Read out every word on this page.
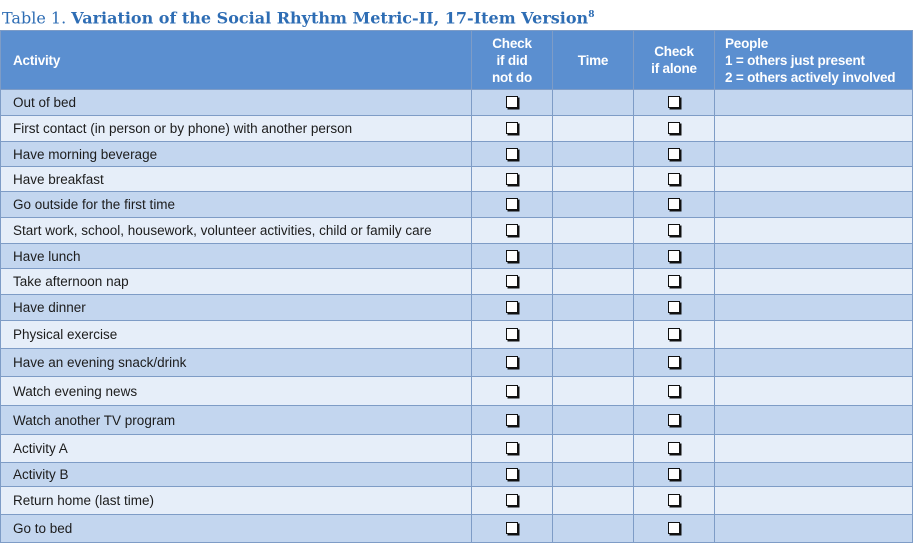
Table 1. Variation of the Social Rhythm Metric-II, 17-Item Version$^8$
Activity	Check
if did
not do	Time	Check
if alone	People
1 = others just present
2 = others actively involved

Out of bed				
First contact (in person or by phone) with another person				
Have morning beverage				
Have breakfast				
Go outside for the first time				
Start work, school, housework, volunteer activities, child or family care				
Have lunch				
Take afternoon nap				
Have dinner				
Physical exercise				
Have an evening snack/drink				
Watch evening news				
Watch another TV program				
Activity A				
Activity B				
Return home (last time)				
Go to bed				
